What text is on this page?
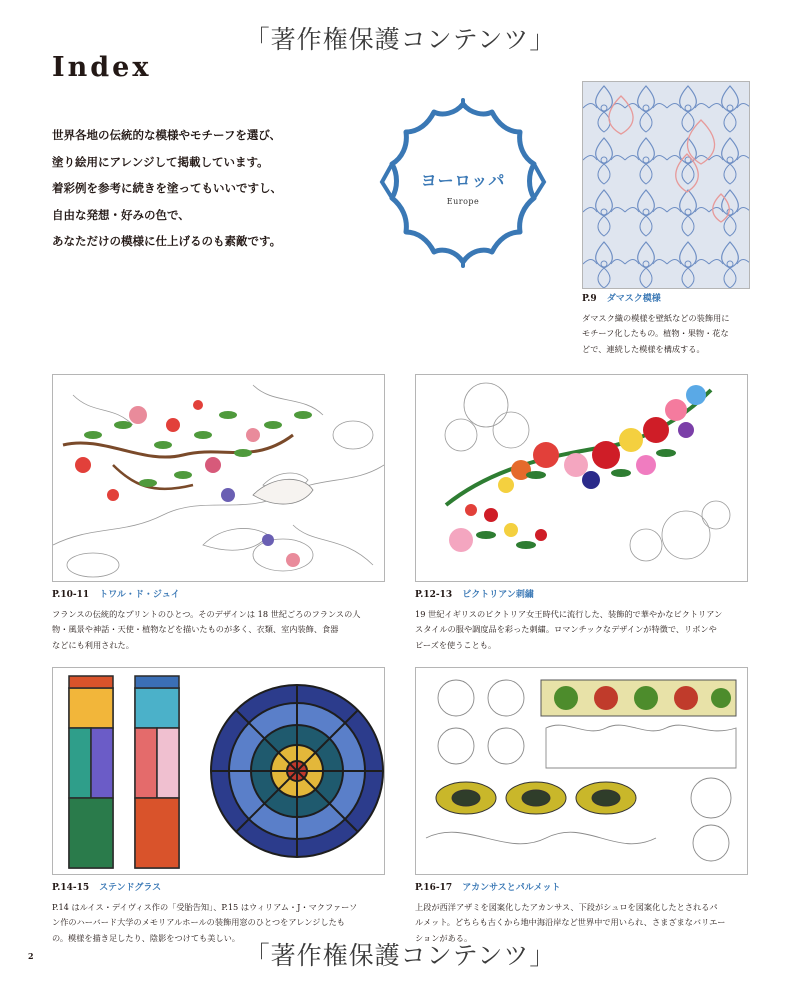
「著作権保護コンテンツ」
Index
世界各地の伝統的な模様やモチーフを選び、
塗り絵用にアレンジして掲載しています。
着彩例を参考に続きを塗ってもいいですし、
自由な発想・好みの色で、
あなただけの模様に仕上げるのも素敵です。
ヨーロッパ
Europe
P.9 ダマスク模様
ダマスク織の模様を壁紙などの装飾用に
モチーフ化したもの。植物・果物・花な
どで、連続した模様を構成する。
P.10-11 トワル・ド・ジュイ
フランスの伝統的なプリントのひとつ。そのデザインは 18 世紀ごろのフランスの人
物・風景や神話・天使・植物などを描いたものが多く、衣類、室内装飾、食器
などにも利用された。
P.12-13 ビクトリアン刺繍
19 世紀イギリスのビクトリア女王時代に流行した、装飾的で華やかなビクトリアン
スタイルの服や調度品を彩った刺繍。ロマンチックなデザインが特徴で、リボンや
ビーズを使うことも。
P.14-15 ステンドグラス
P.14 はルイス・デイヴィス作の「受胎告知」、P.15 はウィリアム・J・マクファーソ
ン作のハーバード大学のメモリアルホールの装飾用窓のひとつをアレンジしたも
の。模様を描き足したり、陰影をつけても美しい。
P.16-17 アカンサスとパルメット
上段が西洋アザミを図案化したアカンサス、下段がシュロを図案化したとされるパ
ルメット。どちらも古くから地中海沿岸など世界中で用いられ、さまざまなバリエー
ションがある。
2	「著作権保護コンテンツ」
